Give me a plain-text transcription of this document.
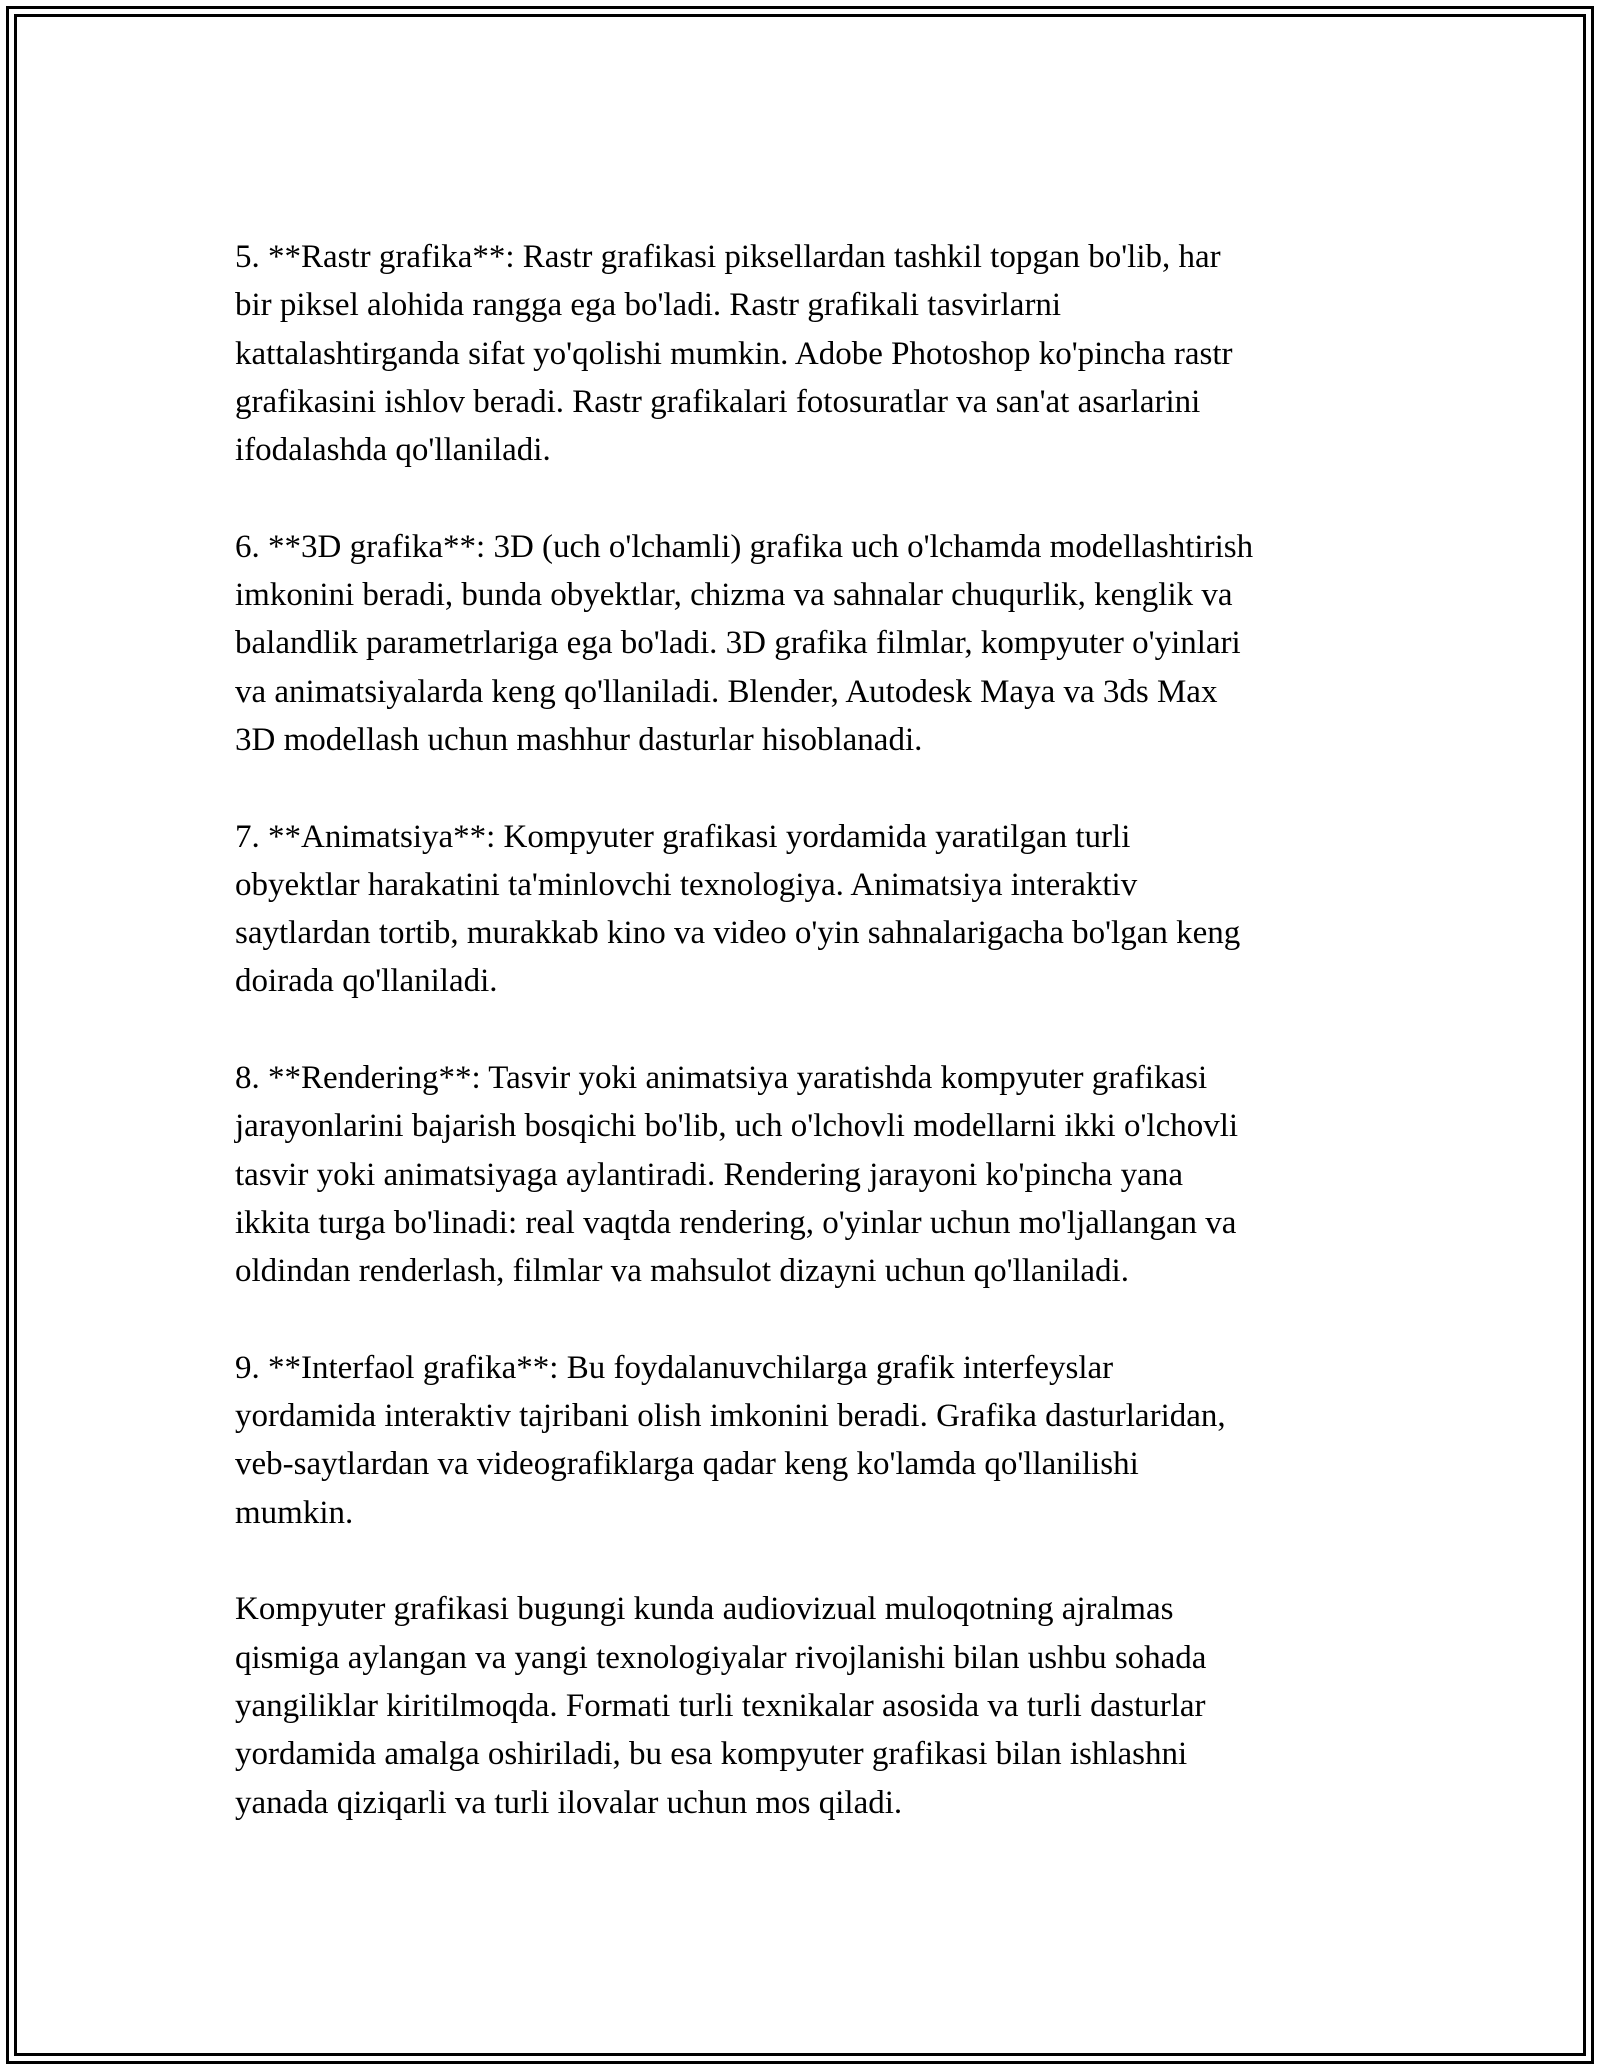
5. **Rastr grafika**: Rastr grafikasi piksellardan tashkil topgan bo'lib, har
bir piksel alohida rangga ega bo'ladi. Rastr grafikali tasvirlarni
kattalashtirganda sifat yo'qolishi mumkin. Adobe Photoshop ko'pincha rastr
grafikasini ishlov beradi. Rastr grafikalari fotosuratlar va san'at asarlarini
ifodalashda qo'llaniladi.

6. **3D grafika**: 3D (uch o'lchamli) grafika uch o'lchamda modellashtirish
imkonini beradi, bunda obyektlar, chizma va sahnalar chuqurlik, kenglik va
balandlik parametrlariga ega bo'ladi. 3D grafika filmlar, kompyuter o'yinlari
va animatsiyalarda keng qo'llaniladi. Blender, Autodesk Maya va 3ds Max
3D modellash uchun mashhur dasturlar hisoblanadi.

7. **Animatsiya**: Kompyuter grafikasi yordamida yaratilgan turli
obyektlar harakatini ta'minlovchi texnologiya. Animatsiya interaktiv
saytlardan tortib, murakkab kino va video o'yin sahnalarigacha bo'lgan keng
doirada qo'llaniladi.

8. **Rendering**: Tasvir yoki animatsiya yaratishda kompyuter grafikasi
jarayonlarini bajarish bosqichi bo'lib, uch o'lchovli modellarni ikki o'lchovli
tasvir yoki animatsiyaga aylantiradi. Rendering jarayoni ko'pincha yana
ikkita turga bo'linadi: real vaqtda rendering, o'yinlar uchun mo'ljallangan va
oldindan renderlash, filmlar va mahsulot dizayni uchun qo'llaniladi.

9. **Interfaol grafika**: Bu foydalanuvchilarga grafik interfeyslar
yordamida interaktiv tajribani olish imkonini beradi. Grafika dasturlaridan,
veb-saytlardan va videografiklarga qadar keng ko'lamda qo'llanilishi
mumkin.

Kompyuter grafikasi bugungi kunda audiovizual muloqotning ajralmas
qismiga aylangan va yangi texnologiyalar rivojlanishi bilan ushbu sohada
yangiliklar kiritilmoqda. Formati turli texnikalar asosida va turli dasturlar
yordamida amalga oshiriladi, bu esa kompyuter grafikasi bilan ishlashni
yanada qiziqarli va turli ilovalar uchun mos qiladi.
